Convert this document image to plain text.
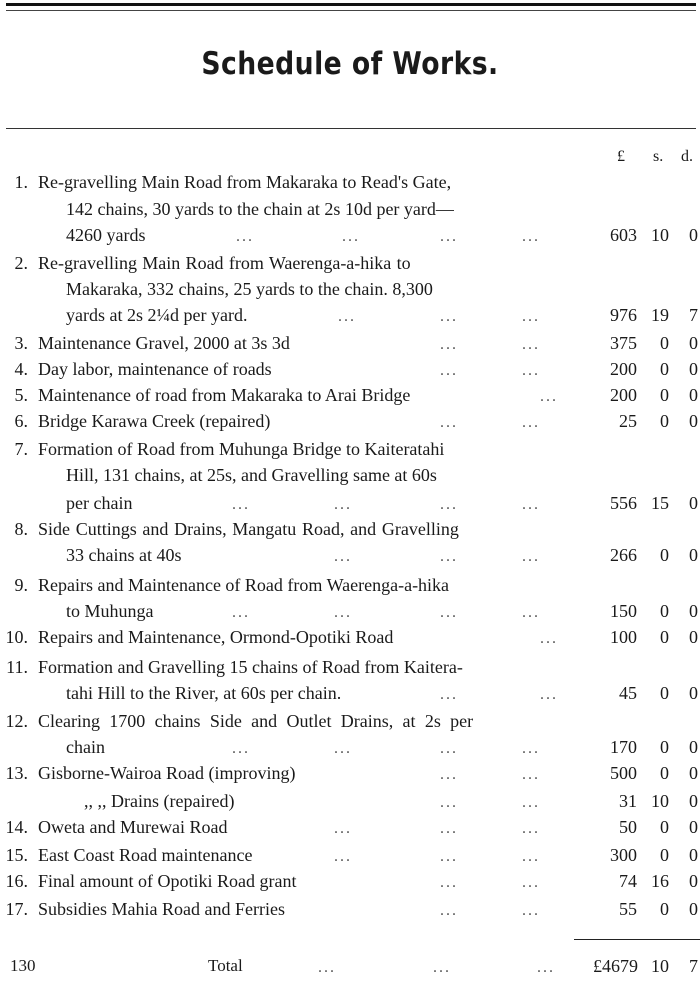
Schedule of Works.
£ s. d.
1. Re-gravelling Main Road from Makaraka to Read's Gate,
142 chains, 30 yards to the chain at 2s 10d per yard—
4260 yards	...	...	...	...	603 10	0
2. Re-gravelling Main Road from Waerenga-a-hika to
Makaraka, 332 chains, 25 yards to the chain. 8,300
yards at 2s 2¼d per yard.	...	...	...	976 19	7
3. Maintenance Gravel, 2000 at 3s 3d	...	...	375	0	0
4. Day labor, maintenance of roads	...	...	200	0	0
5. Maintenance of road from Makaraka to Arai Bridge	...	200	0	0
6. Bridge Karawa Creek (repaired)	...	...	25	0	0
7. Formation of Road from Muhunga Bridge to Kaiteratahi
Hill, 131 chains, at 25s, and Gravelling same at 60s
per chain	...	...	...	...	556 15	0
8. Side Cuttings and Drains, Mangatu Road, and Gravelling
33 chains at 40s	...	...	...	266	0	0
9. Repairs and Maintenance of Road from Waerenga-a-hika
to Muhunga	...	...	...	...	150	0	0
10. Repairs and Maintenance, Ormond-Opotiki Road	...	100	0	0
11. Formation and Gravelling 15 chains of Road from Kaitera-
tahi Hill to the River, at 60s per chain.	...	...	45	0	0
12. Clearing 1700 chains Side and Outlet Drains, at 2s per
chain	...	...	...	...	170	0	0
13. Gisborne-Wairoa Road (improving)	...	...	500	0	0
,, ,, Drains (repaired)	...	...	31 10	0
14. Oweta and Murewai Road	...	...	...	50	0	0
15. East Coast Road maintenance	...	...	...	300	0	0
16. Final amount of Opotiki Road grant	...	...	74 16	0
17. Subsidies Mahia Road and Ferries	...	...	55	0	0
130	Total	...	...	...	£4679 10	7
